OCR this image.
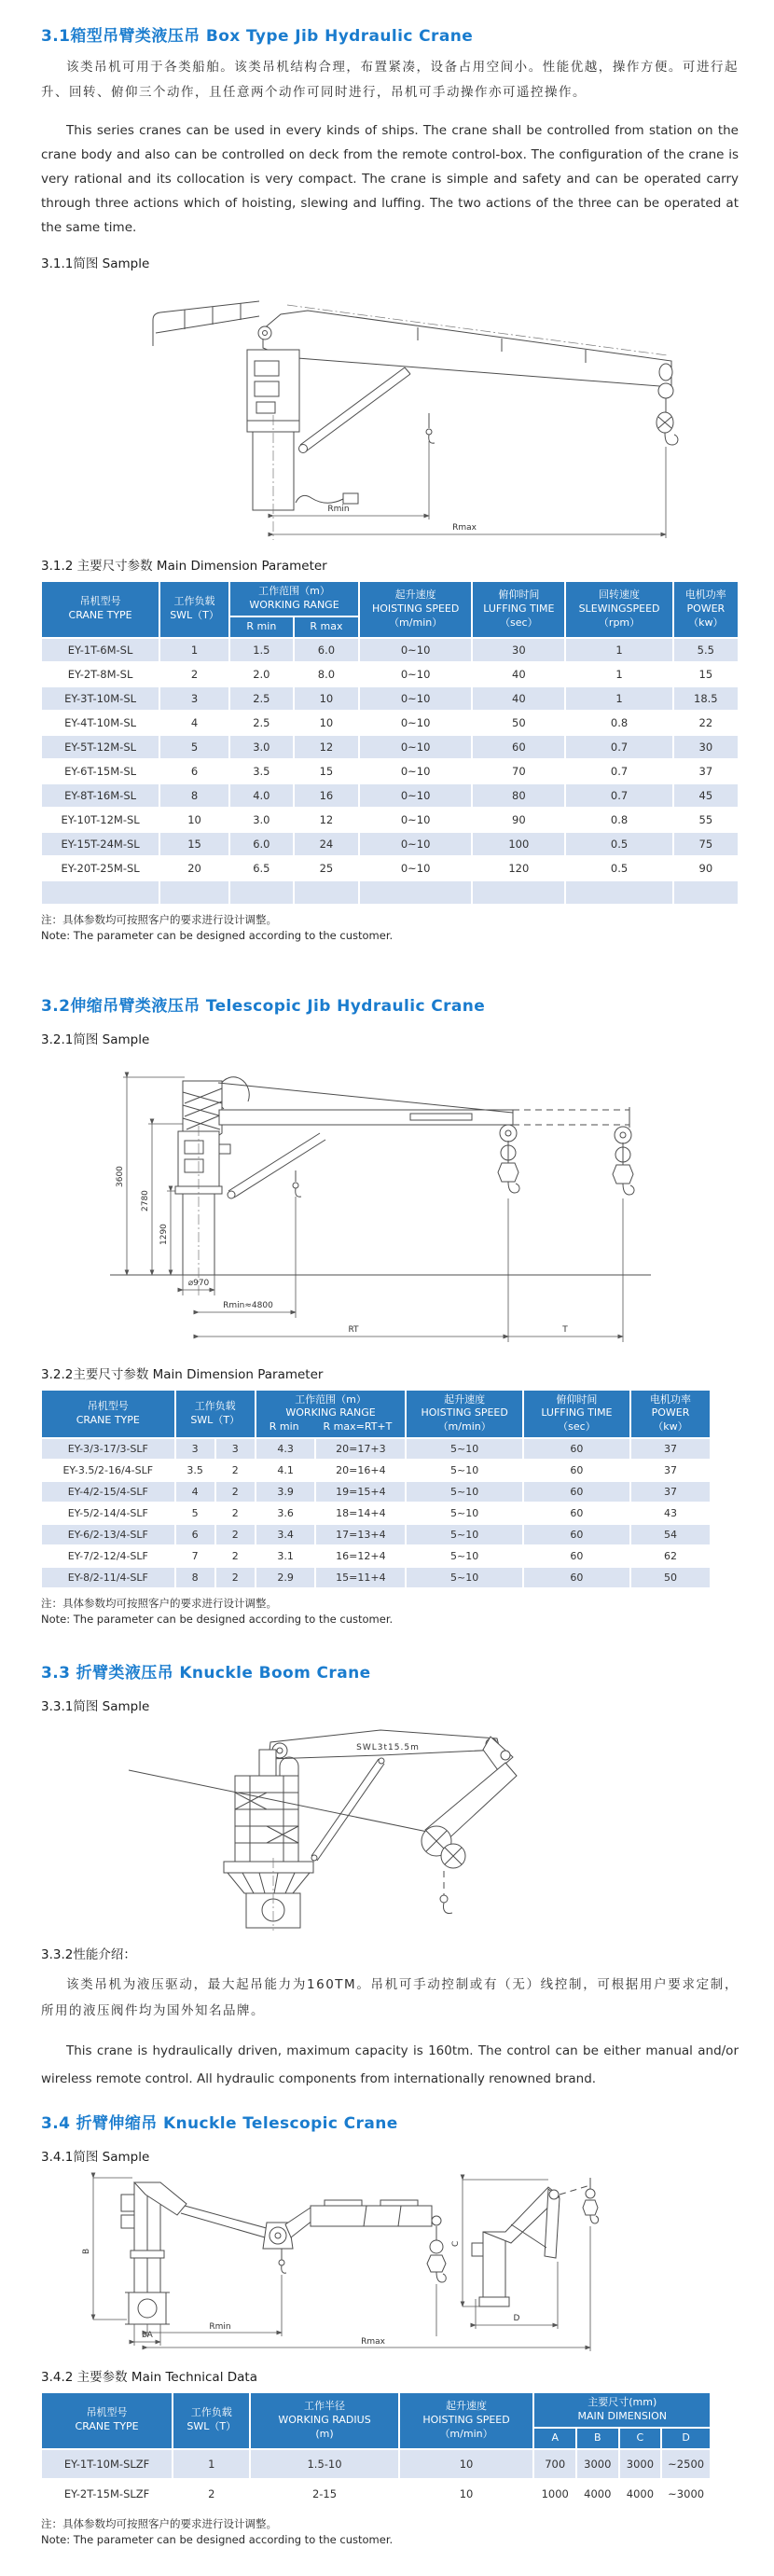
3.1箱型吊臂类液压吊 Box Type Jib Hydraulic Crane

该类吊机可用于各类船舶。该类吊机结构合理，布置紧凑，设备占用空间小。性能优越，操作方便。可进行起升、回转、俯仰三个动作，且任意两个动作可同时进行，吊机可手动操作亦可遥控操作。

This series cranes can be used in every kinds of ships. The crane shall be controlled from station on the crane body and also can be controlled on deck from the remote control-box. The configuration of the crane is very rational and its collocation is very compact. The crane is simple and safety and can be operated carry through three actions which of hoisting, slewing and luffing. The two actions of the three can be operated at the same time.

3.1.1简图 Sample
Rmin
Rmax
3.1.2 主要尺寸参数 Main Dimension Parameter
吊机型号
CRANE TYPE

工作负载
SWL（T）

工作范围（m）
WORKING RANGE

起升速度
HOISTING SPEED
（m/min）

俯仰时间
LUFFING TIME
（sec）

回转速度
SLEWINGSPEED
（rpm）

电机功率
POWER
（kw）

		R min	R max				
EY-1T-6M-SL	1	1.5	6.0	0~10	30	1	5.5
EY-2T-8M-SL	2	2.0	8.0	0~10	40	1	15
EY-3T-10M-SL	3	2.5	10	0~10	40	1	18.5
EY-4T-10M-SL	4	2.5	10	0~10	50	0.8	22
EY-5T-12M-SL	5	3.0	12	0~10	60	0.7	30
EY-6T-15M-SL	6	3.5	15	0~10	70	0.7	37
EY-8T-16M-SL	8	4.0	16	0~10	80	0.7	45
EY-10T-12M-SL	10	3.0	12	0~10	90	0.8	55
EY-15T-24M-SL	15	6.0	24	0~10	100	0.5	75
EY-20T-25M-SL	20	6.5	25	0~10	120	0.5	90

注：具体参数均可按照客户的要求进行设计调整。
Note: The parameter can be designed according to the customer.

3.2伸缩吊臂类液压吊 Telescopic Jib Hydraulic Crane
3.2.1简图 Sample
3600
2780
1290
⌀970
Rmin≈4800
RT	T
3.2.2主要尺寸参数 Main Dimension Parameter
吊机型号
CRANE TYPE

工作负载
SWL（T）

工作范围（m）
WORKING RANGE
R min R max=RT+T

起升速度
HOISTING SPEED
（m/min）

俯仰时间
LUFFING TIME
（sec）

电机功率
POWER
（kw）

EY-3/3-17/3-SLF	3	3	4.3	20=17+3	5~10	60	37
EY-3.5/2-16/4-SLF	3.5	2	4.1	20=16+4	5~10	60	37
EY-4/2-15/4-SLF	4	2	3.9	19=15+4	5~10	60	37
EY-5/2-14/4-SLF	5	2	3.6	18=14+4	5~10	60	43
EY-6/2-13/4-SLF	6	2	3.4	17=13+4	5~10	60	54
EY-7/2-12/4-SLF	7	2	3.1	16=12+4	5~10	60	62
EY-8/2-11/4-SLF	8	2	2.9	15=11+4	5~10	60	50

注：具体参数均可按照客户的要求进行设计调整。
Note: The parameter can be designed according to the customer.

3.3 折臂类液压吊 Knuckle Boom Crane
3.3.1简图 Sample
SWL3t15.5m
3.3.2性能介绍：

该类吊机为液压驱动，最大起吊能力为160TM。吊机可手动控制或有（无）线控制，可根据用户要求定制，所用的液压阀件均为国外知名品牌。

This crane is hydraulically driven, maximum capacity is 160tm. The control can be either manual and/or wireless remote control. All hydraulic components from internationally renowned brand.

3.4 折臂伸缩吊 Knuckle Telescopic Crane
3.4.1简图 Sample
B
øA
C
D
Rmin
Rmax
3.4.2 主要参数 Main Technical Data
吊机型号
CRANE TYPE

工作负载
SWL（T）

工作半径
WORKING RADIUS
(m)

起升速度
HOISTING SPEED
（m/min）

主要尺寸(mm)
MAIN DIMENSION

				A	B	C	D
EY-1T-10M-SLZF	1	1.5-10	10	700	3000	3000	~2500
EY-2T-15M-SLZF	2	2-15	10	1000	4000	4000	~3000

注：具体参数均可按照客户的要求进行设计调整。
Note: The parameter can be designed according to the customer.
